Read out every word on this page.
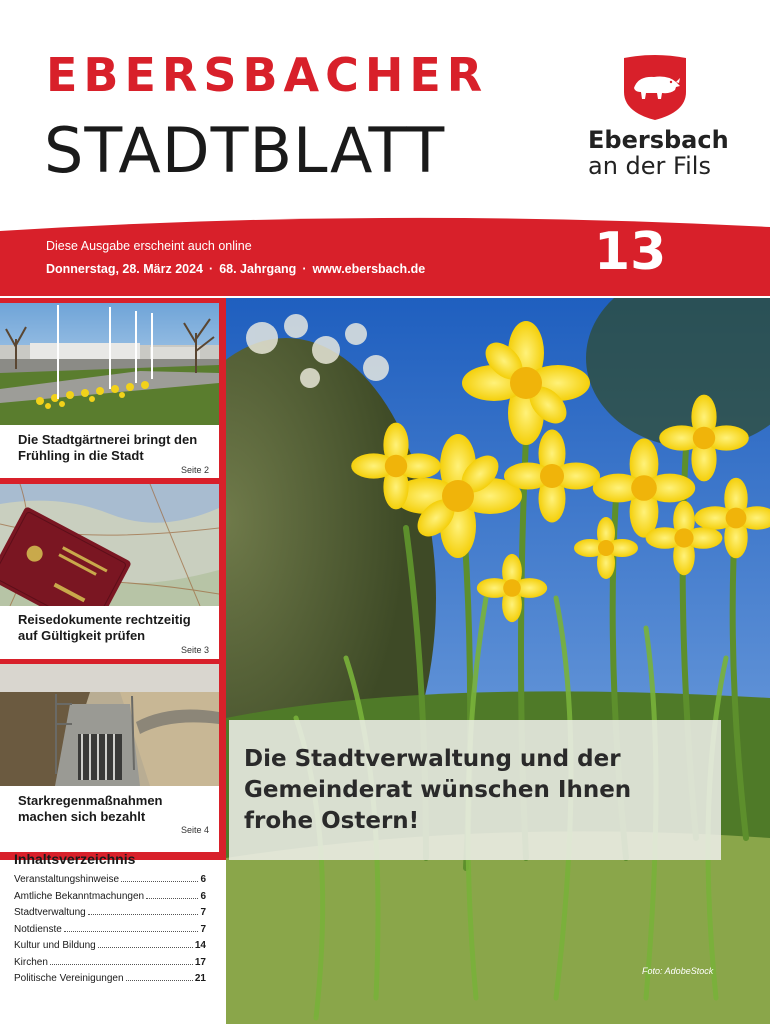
EBERSBACHER
STADTBLATT	Ebersbach
an der Fils
Diese Ausgabe erscheint auch online
Donnerstag, 28. März 2024 · 68. Jahrgang · www.ebersbach.de	13
Die Stadtgärtnerei bringt den
Frühling in die Stadt
Seite 2
Reisedokumente rechtzeitig
auf Gültigkeit prüfen
Seite 3
Starkregenmaßnahmen
machen sich bezahlt
Seite 4
Die Stadtverwaltung und der
Gemeinderat wünschen Ihnen
frohe Ostern!
Foto: AdobeStock
Inhaltsverzeichnis
Veranstaltungshinweise	6
Amtliche Bekanntmachungen	6
Stadtverwaltung	7
Notdienste	7
Kultur und Bildung	14
Kirchen	17
Politische Vereinigungen	21
